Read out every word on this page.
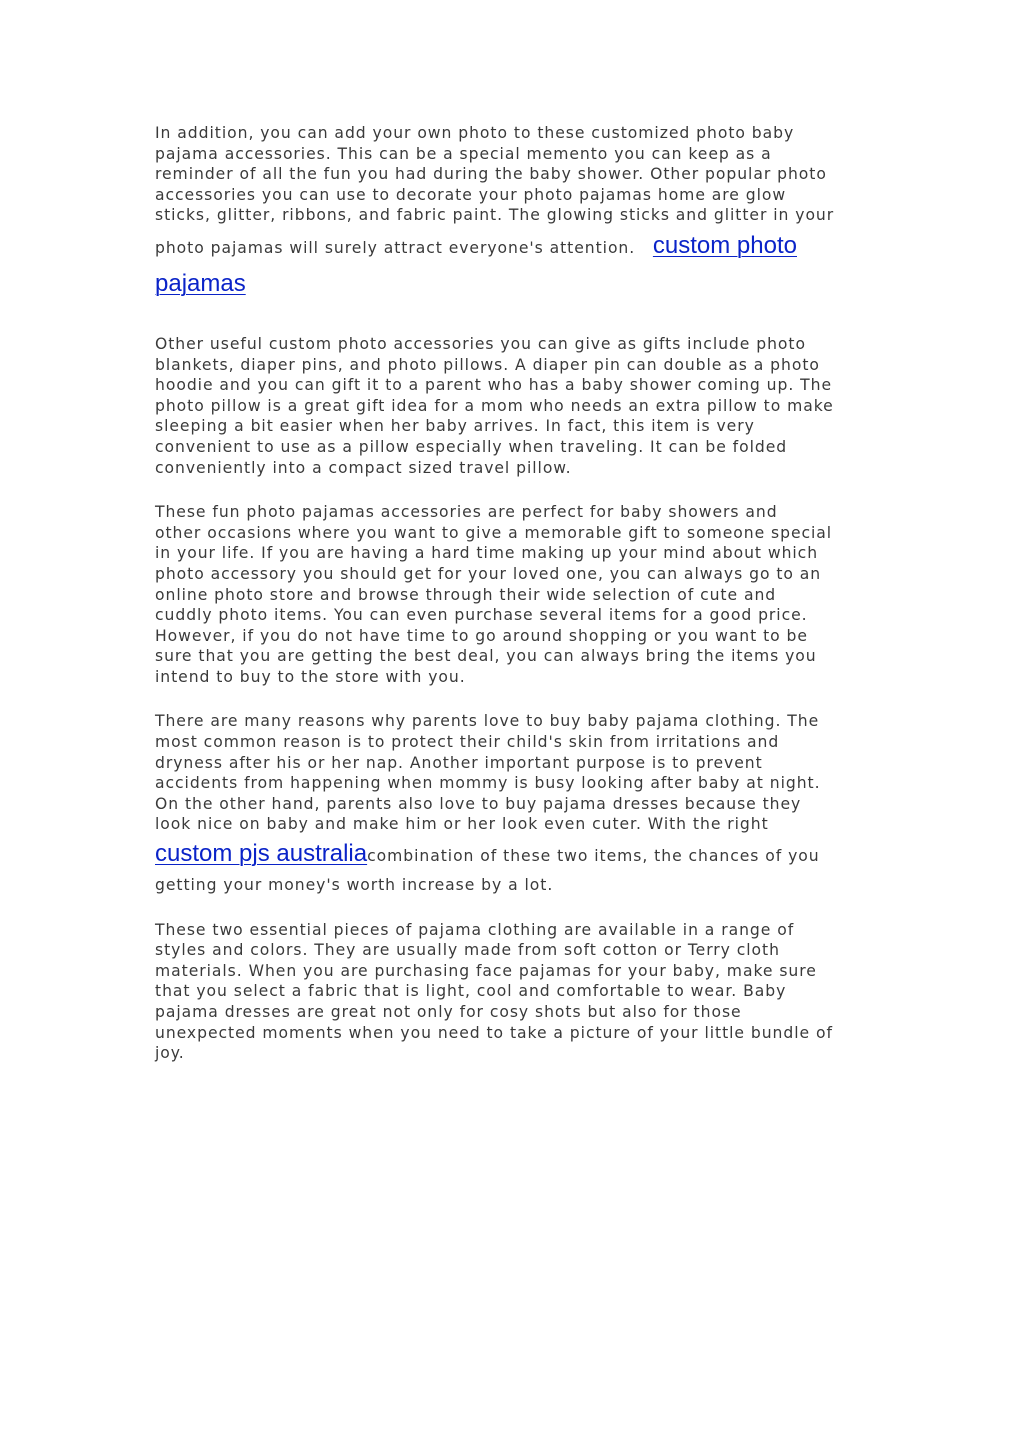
In addition, you can add your own photo to these customized photo baby
pajama accessories. This can be a special memento you can keep as a
reminder of all the fun you had during the baby shower. Other popular photo
accessories you can use to decorate your photo pajamas home are glow
sticks, glitter, ribbons, and fabric paint. The glowing sticks and glitter in your
photo pajamas will surely attract everyone's attention. custom photo
pajamas
Other useful custom photo accessories you can give as gifts include photo
blankets, diaper pins, and photo pillows. A diaper pin can double as a photo
hoodie and you can gift it to a parent who has a baby shower coming up. The
photo pillow is a great gift idea for a mom who needs an extra pillow to make
sleeping a bit easier when her baby arrives. In fact, this item is very
convenient to use as a pillow especially when traveling. It can be folded
conveniently into a compact sized travel pillow.
These fun photo pajamas accessories are perfect for baby showers and
other occasions where you want to give a memorable gift to someone special
in your life. If you are having a hard time making up your mind about which
photo accessory you should get for your loved one, you can always go to an
online photo store and browse through their wide selection of cute and
cuddly photo items. You can even purchase several items for a good price.
However, if you do not have time to go around shopping or you want to be
sure that you are getting the best deal, you can always bring the items you
intend to buy to the store with you.
There are many reasons why parents love to buy baby pajama clothing. The
most common reason is to protect their child's skin from irritations and
dryness after his or her nap. Another important purpose is to prevent
accidents from happening when mommy is busy looking after baby at night.
On the other hand, parents also love to buy pajama dresses because they
look nice on baby and make him or her look even cuter. With the right
custom pjs australiacombination of these two items, the chances of you
getting your money's worth increase by a lot.
These two essential pieces of pajama clothing are available in a range of
styles and colors. They are usually made from soft cotton or Terry cloth
materials. When you are purchasing face pajamas for your baby, make sure
that you select a fabric that is light, cool and comfortable to wear. Baby
pajama dresses are great not only for cosy shots but also for those
unexpected moments when you need to take a picture of your little bundle of
joy.
